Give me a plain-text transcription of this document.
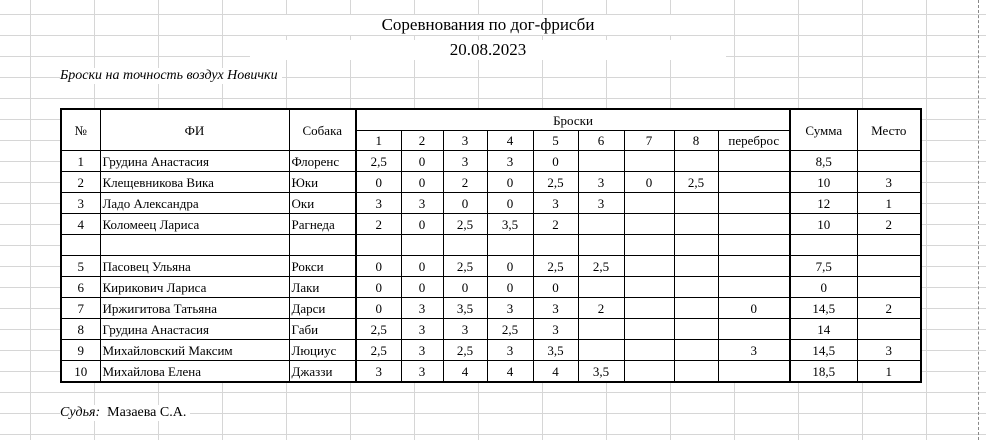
Соревнования по дог-фрисби
20.08.2023
Броски на точность воздух Новички
№	ФИ	Собака	Броски									Сумма	Место
			1	2	3	4	5	6	7	8	переброс		
1	Грудина Анастасия	Флоренс	2,5	0	3	3	0					8,5	
2	Клещевникова Вика	Юки	0	0	2	0	2,5	3	0	2,5		10	3
3	Ладо Александра	Оки	3	3	0	0	3	3				12	1
4	Коломеец Лариса	Рагнеда	2	0	2,5	3,5	2					10	2

5	Пасовец Ульяна	Рокси	0	0	2,5	0	2,5	2,5				7,5	
6	Кирикович Лариса	Лаки	0	0	0	0	0					0	
7	Иржигитова Татьяна	Дарси	0	3	3,5	3	3	2			0	14,5	2
8	Грудина Анастасия	Габи	2,5	3	3	2,5	3					14	
9	Михайловский Максим	Люциус	2,5	3	2,5	3	3,5				3	14,5	3
10	Михайлова Елена	Джаззи	3	3	4	4	4	3,5				18,5	1
Судья: Мазаева С.А.
